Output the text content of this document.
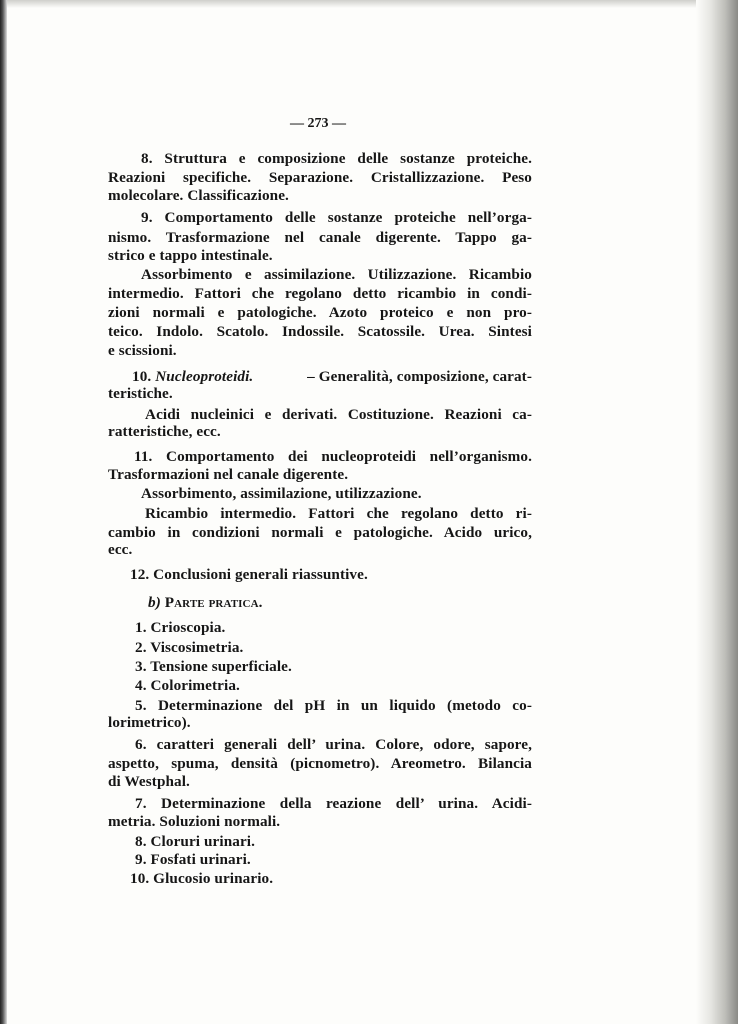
— 273 —
8. Struttura e composizione delle sostanze proteiche.
Reazioni specifiche. Separazione. Cristallizzazione. Peso
molecolare. Classificazione.
9. Comportamento delle sostanze proteiche nell’orga-
nismo. Trasformazione nel canale digerente. Tappo ga-
strico e tappo intestinale.
Assorbimento e assimilazione. Utilizzazione. Ricambio
intermedio. Fattori che regolano detto ricambio in condi-
zioni normali e patologiche. Azoto proteico e non pro-
teico. Indolo. Scatolo. Indossile. Scatossile. Urea. Sintesi
e scissioni.
10. Nucleoproteidi.	– Generalità, composizione, carat-
teristiche.
Acidi nucleinici e derivati. Costituzione. Reazioni ca-
ratteristiche, ecc.
11. Comportamento dei nucleoproteidi nell’organismo.
Trasformazioni nel canale digerente.
Assorbimento, assimilazione, utilizzazione.
Ricambio intermedio. Fattori che regolano detto ri-
cambio in condizioni normali e patologiche. Acido urico,
ecc.
12. Conclusioni generali riassuntive.
b) Parte pratica.
1. Crioscopia.
2. Viscosimetria.
3. Tensione superficiale.
4. Colorimetria.
5. Determinazione del pH in un liquido (metodo co-
lorimetrico).
6. caratteri generali dell’ urina. Colore, odore, sapore,
aspetto, spuma, densità (picnometro). Areometro. Bilancia
di Westphal.
7. Determinazione della reazione dell’ urina. Acidi-
metria. Soluzioni normali.
8. Cloruri urinari.
9. Fosfati urinari.
10. Glucosio urinario.
